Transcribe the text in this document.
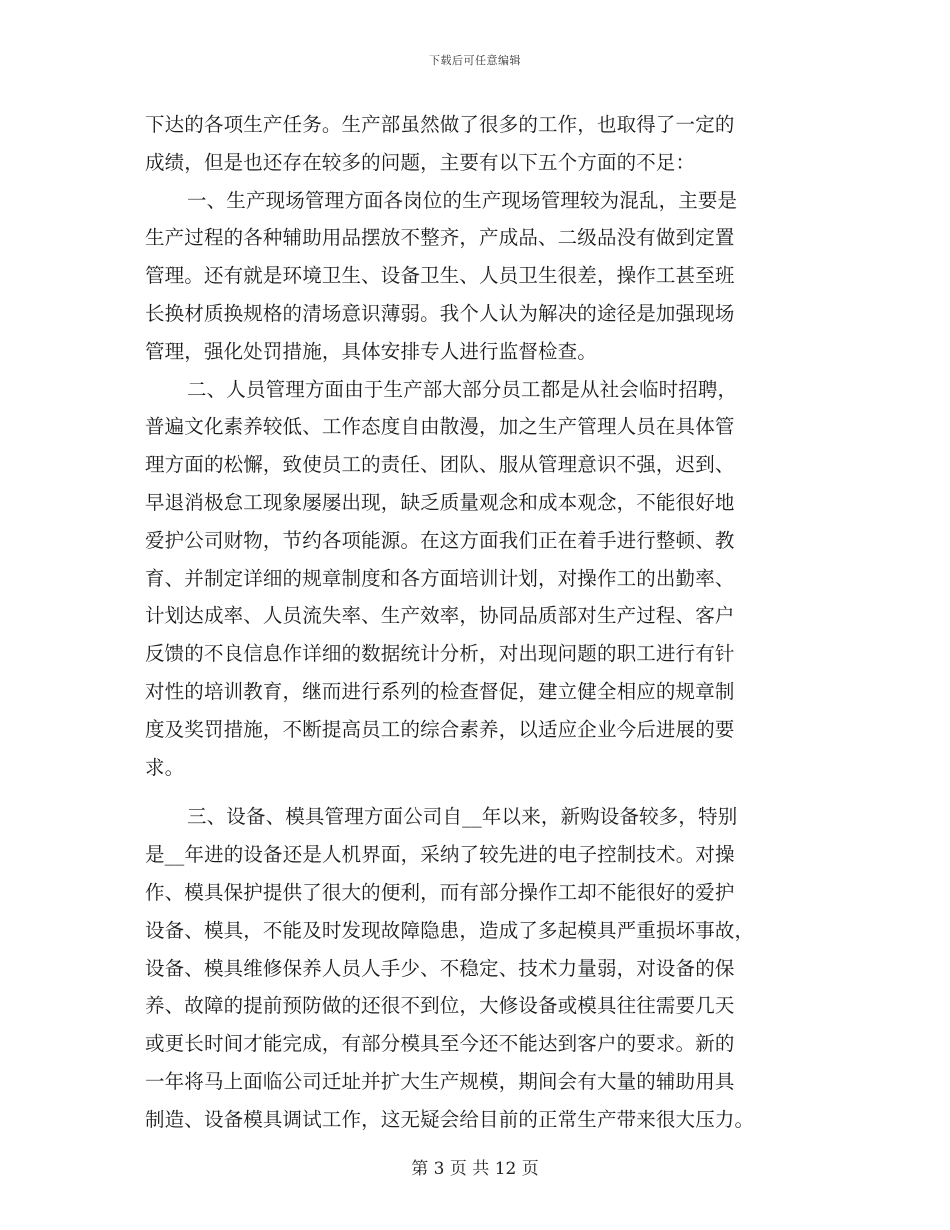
下载后可任意编辑
下达的各项生产任务。生产部虽然做了很多的工作，也取得了一定的
成绩，但是也还存在较多的问题，主要有以下五个方面的不足：
一、生产现场管理方面各岗位的生产现场管理较为混乱，主要是
生产过程的各种辅助用品摆放不整齐，产成品、二级品没有做到定置
管理。还有就是环境卫生、设备卫生、人员卫生很差，操作工甚至班
长换材质换规格的清场意识薄弱。我个人认为解决的途径是加强现场
管理，强化处罚措施，具体安排专人进行监督检查。
二、人员管理方面由于生产部大部分员工都是从社会临时招聘，
普遍文化素养较低、工作态度自由散漫，加之生产管理人员在具体管
理方面的松懈，致使员工的责任、团队、服从管理意识不强，迟到、
早退消极怠工现象屡屡出现，缺乏质量观念和成本观念，不能很好地
爱护公司财物，节约各项能源。在这方面我们正在着手进行整顿、教
育、并制定详细的规章制度和各方面培训计划，对操作工的出勤率、
计划达成率、人员流失率、生产效率，协同品质部对生产过程、客户
反馈的不良信息作详细的数据统计分析，对出现问题的职工进行有针
对性的培训教育，继而进行系列的检查督促，建立健全相应的规章制
度及奖罚措施，不断提高员工的综合素养，以适应企业今后进展的要
求。
三、设备、模具管理方面公司自__年以来，新购设备较多，特别
是__年进的设备还是人机界面，采纳了较先进的电子控制技术。对操
作、模具保护提供了很大的便利，而有部分操作工却不能很好的爱护
设备、模具，不能及时发现故障隐患，造成了多起模具严重损坏事故，
设备、模具维修保养人员人手少、不稳定、技术力量弱，对设备的保
养、故障的提前预防做的还很不到位，大修设备或模具往往需要几天
或更长时间才能完成，有部分模具至今还不能达到客户的要求。新的
一年将马上面临公司迁址并扩大生产规模，期间会有大量的辅助用具
制造、设备模具调试工作，这无疑会给目前的正常生产带来很大压力。
第 3 页 共 12 页
